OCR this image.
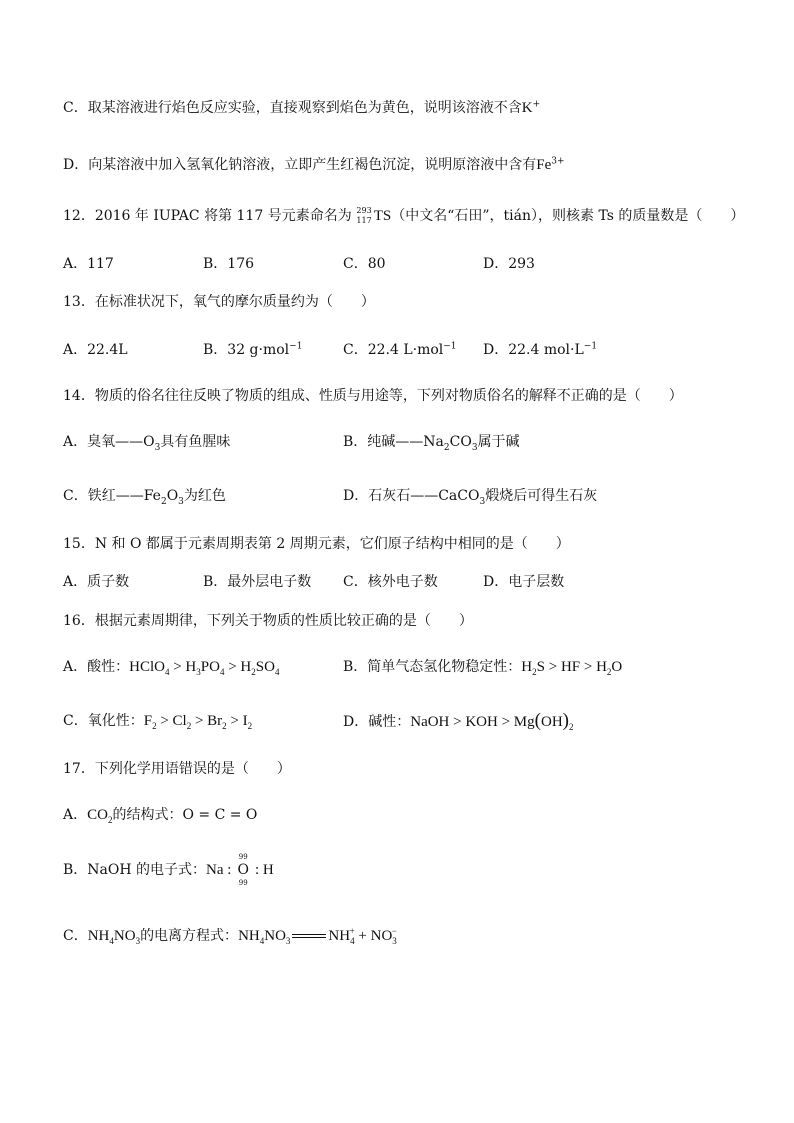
C．取某溶液进行焰色反应实验，直接观察到焰色为黄色，说明该溶液不含K+
D．向某溶液中加入氢氧化钠溶液，立即产生红褐色沉淀，说明原溶液中含有$Fe^{3+}$
12．2016 年 IUPAC 将第 117 号元素命名为 293
117 TS（中文名“石田”，tián），则核素 Ts 的质量数是（　　）
A．117	B．176	C．80	D．293
13．在标准状况下，氧气的摩尔质量约为（　　）
A．22.4L	B．32 g·mol$^{-1}$	C．22.4 L·mol$^{-1}$ D．22.4 $mol\cdot L^{-1}$
14．物质的俗名往往反映了物质的组成、性质与用途等，下列对物质俗名的解释不正确的是（　　）
A．臭氧$——O_3$具有鱼腥味	B．纯碱$——Na_2CO_3$属于碱
C．铁红$——Fe_2O_3$为红色	D．石灰石——CaCO$_3$煅烧后可得生石灰
15．N 和 O 都属于元素周期表第 2 周期元素，它们原子结构中相同的是（　　）
A．质子数	B．最外层电子数 C．核外电子数	D．电子层数
16．根据元素周期律，下列关于物质的性质比较正确的是（　　）
A．酸性：HClO$_4$ > $H_3PO_4 > H_2SO_4$	B．简单气态氢化物稳定性：$H_2S$ > HF > $H_2O$
C．氧化性：$F_2 > Cl_2 > Br_2 > I_2$	D．碱性：NaOH > KOH > $Mg(OH)_2$
17．下列化学用语错误的是（　　）
A．$CO_2$的结构式：O = C = O
B．NaOH 的电子式：Na :
99
O
99
: H
C．$NH_4NO_3$的电离方程式：$NH_4NO_3$	$NH_4^+ + NO_3^-$
